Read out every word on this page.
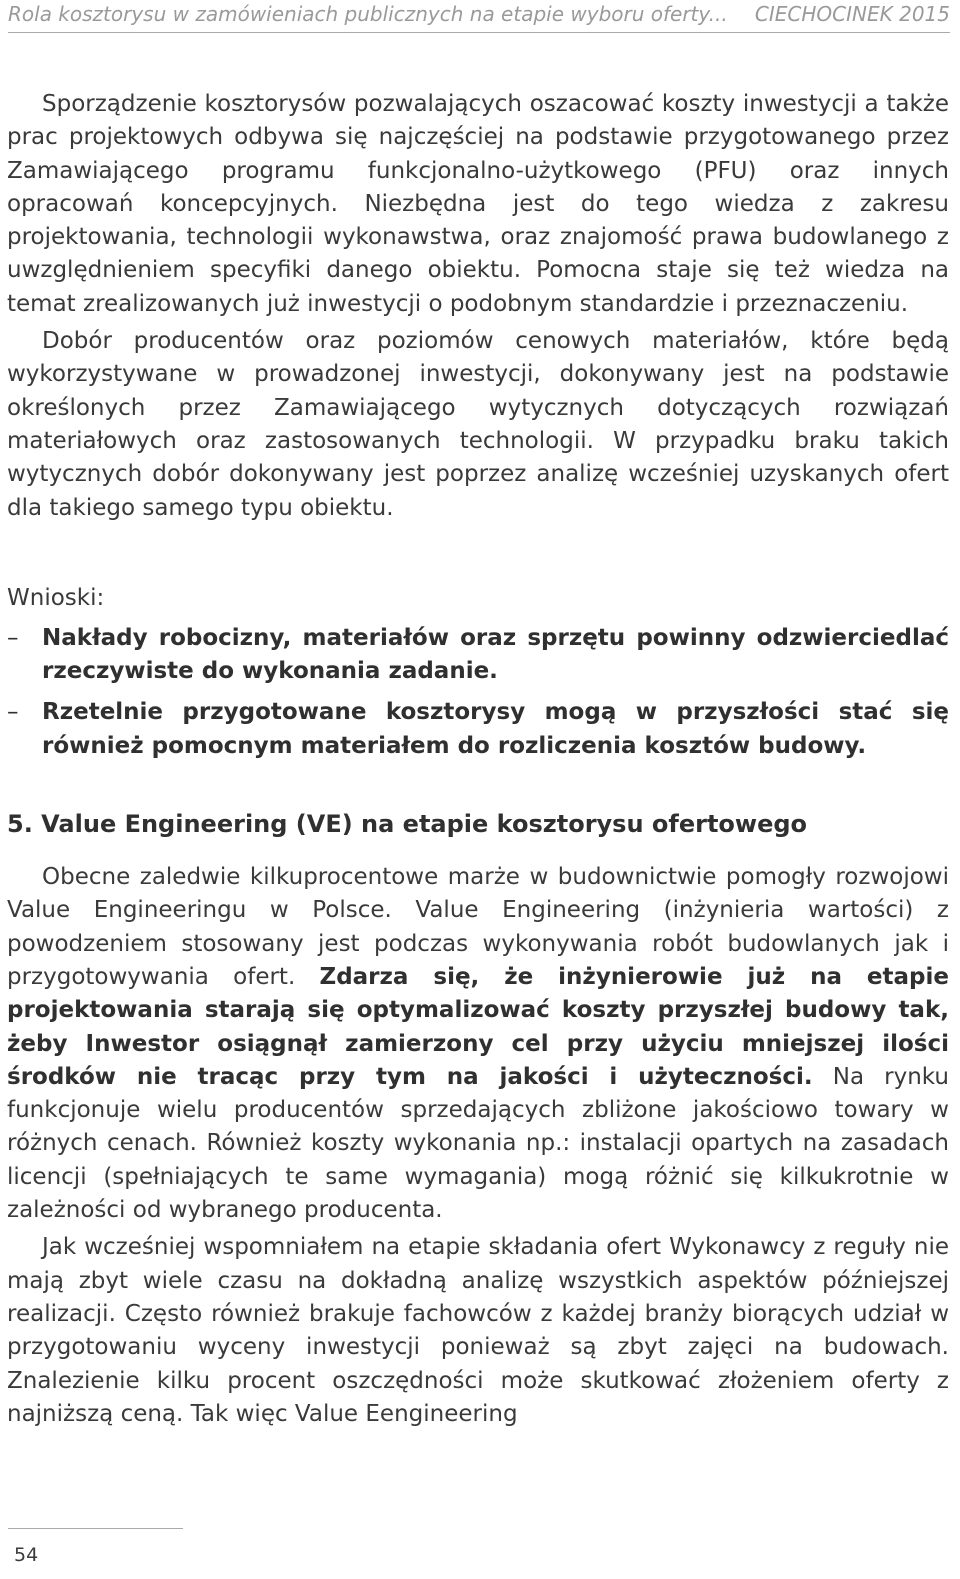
Rola kosztorysu w zamówieniach publicznych na etapie wyboru oferty... CIECHOCINEK 2015

Sporządzenie kosztorysów pozwalających oszacować koszty inwestycji a także prac projektowych odbywa się najczęściej na podstawie przygotowanego przez Zamawiającego programu funkcjonalno-użytkowego (PFU) oraz innych opracowań koncepcyjnych. Niezbędna jest do tego wiedza z zakresu projektowania, technologii wykonawstwa, oraz znajomość prawa budowlanego z uwzględnieniem specyfiki danego obiektu. Pomocna staje się też wiedza na temat zrealizowanych już inwestycji o podobnym standardzie i przeznaczeniu.

Dobór producentów oraz poziomów cenowych materiałów, które będą wykorzystywane w prowadzonej inwestycji, dokonywany jest na podstawie określonych przez Zamawiającego wytycznych dotyczących rozwiązań materiałowych oraz zastosowanych technologii. W przypadku braku takich wytycznych dobór dokonywany jest poprzez analizę wcześniej uzyskanych ofert dla takiego samego typu obiektu.

Wnioski:
– Nakłady robocizny, materiałów oraz sprzętu powinny odzwierciedlać rzeczywiste do wykonania zadanie.
– Rzetelnie przygotowane kosztorysy mogą w przyszłości stać się również pomocnym materiałem do rozliczenia kosztów budowy.
5. Value Engineering (VE) na etapie kosztorysu ofertowego

Obecne zaledwie kilkuprocentowe marże w budownictwie pomogły rozwojowi Value Engineeringu w Polsce. Value Engineering (inżynieria wartości) z powodzeniem stosowany jest podczas wykonywania robót budowlanych jak i przygotowywania ofert. Zdarza się, że inżynierowie już na etapie projektowania starają się optymalizować koszty przyszłej budowy tak, żeby Inwestor osiągnął zamierzony cel przy użyciu mniejszej ilości środków nie tracąc przy tym na jakości i użyteczności. Na rynku funkcjonuje wielu producentów sprzedających zbliżone jakościowo towary w różnych cenach. Również koszty wykonania np.: instalacji opartych na zasadach licencji (spełniających te same wymagania) mogą różnić się kilkukrotnie w zależności od wybranego producenta.

Jak wcześniej wspomniałem na etapie składania ofert Wykonawcy z reguły nie mają zbyt wiele czasu na dokładną analizę wszystkich aspektów późniejszej realizacji. Często również brakuje fachowców z każdej branży biorących udział w przygotowaniu wyceny inwestycji ponieważ są zbyt zajęci na budowach. Znalezienie kilku procent oszczędności może skutkować złożeniem oferty z najniższą ceną. Tak więc Value Eengineering

54
